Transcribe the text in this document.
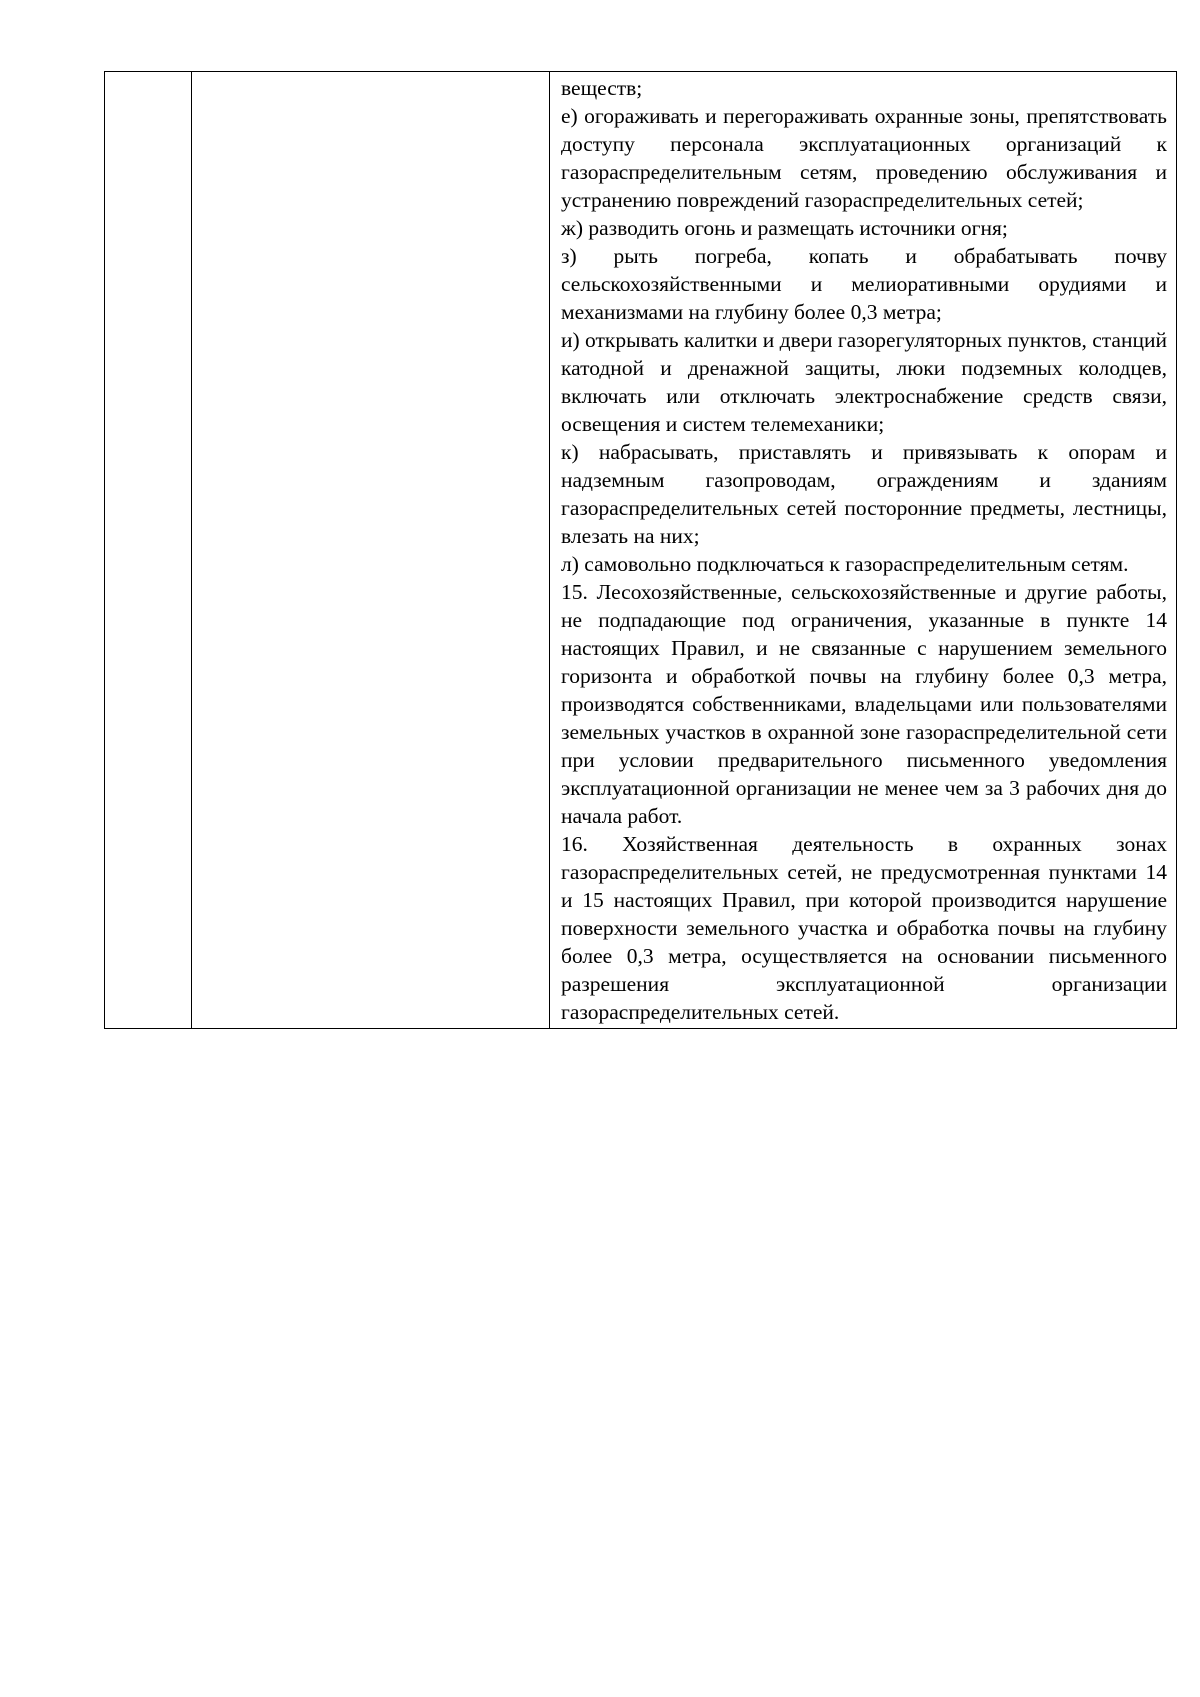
веществ;

е) огораживать и перегораживать охранные зоны, препятствовать доступу персонала эксплуатационных организаций к газораспределительным сетям, проведению обслуживания и устранению повреждений газораспределительных сетей;

ж) разводить огонь и размещать источники огня;

з) рыть погреба, копать и обрабатывать почву сельскохозяйственными и мелиоративными орудиями и механизмами на глубину более 0,3 метра;

и) открывать калитки и двери газорегуляторных пунктов, станций катодной и дренажной защиты, люки подземных колодцев, включать или отключать электроснабжение средств связи, освещения и систем телемеханики;

к) набрасывать, приставлять и привязывать к опорам и надземным газопроводам, ограждениям и зданиям газораспределительных сетей посторонние предметы, лестницы, влезать на них;

л) самовольно подключаться к газораспределительным сетям.

15. Лесохозяйственные, сельскохозяйственные и другие работы, не подпадающие под ограничения, указанные в пункте 14 настоящих Правил, и не связанные с нарушением земельного горизонта и обработкой почвы на глубину более 0,3 метра, производятся собственниками, владельцами или пользователями земельных участков в охранной зоне газораспределительной сети при условии предварительного письменного уведомления эксплуатационной организации не менее чем за 3 рабочих дня до начала работ.

16. Хозяйственная деятельность в охранных зонах газораспределительных сетей, не предусмотренная пунктами 14 и 15 настоящих Правил, при которой производится нарушение поверхности земельного участка и обработка почвы на глубину более 0,3 метра, осуществляется на основании письменного разрешения эксплуатационной организации газораспределительных сетей.
